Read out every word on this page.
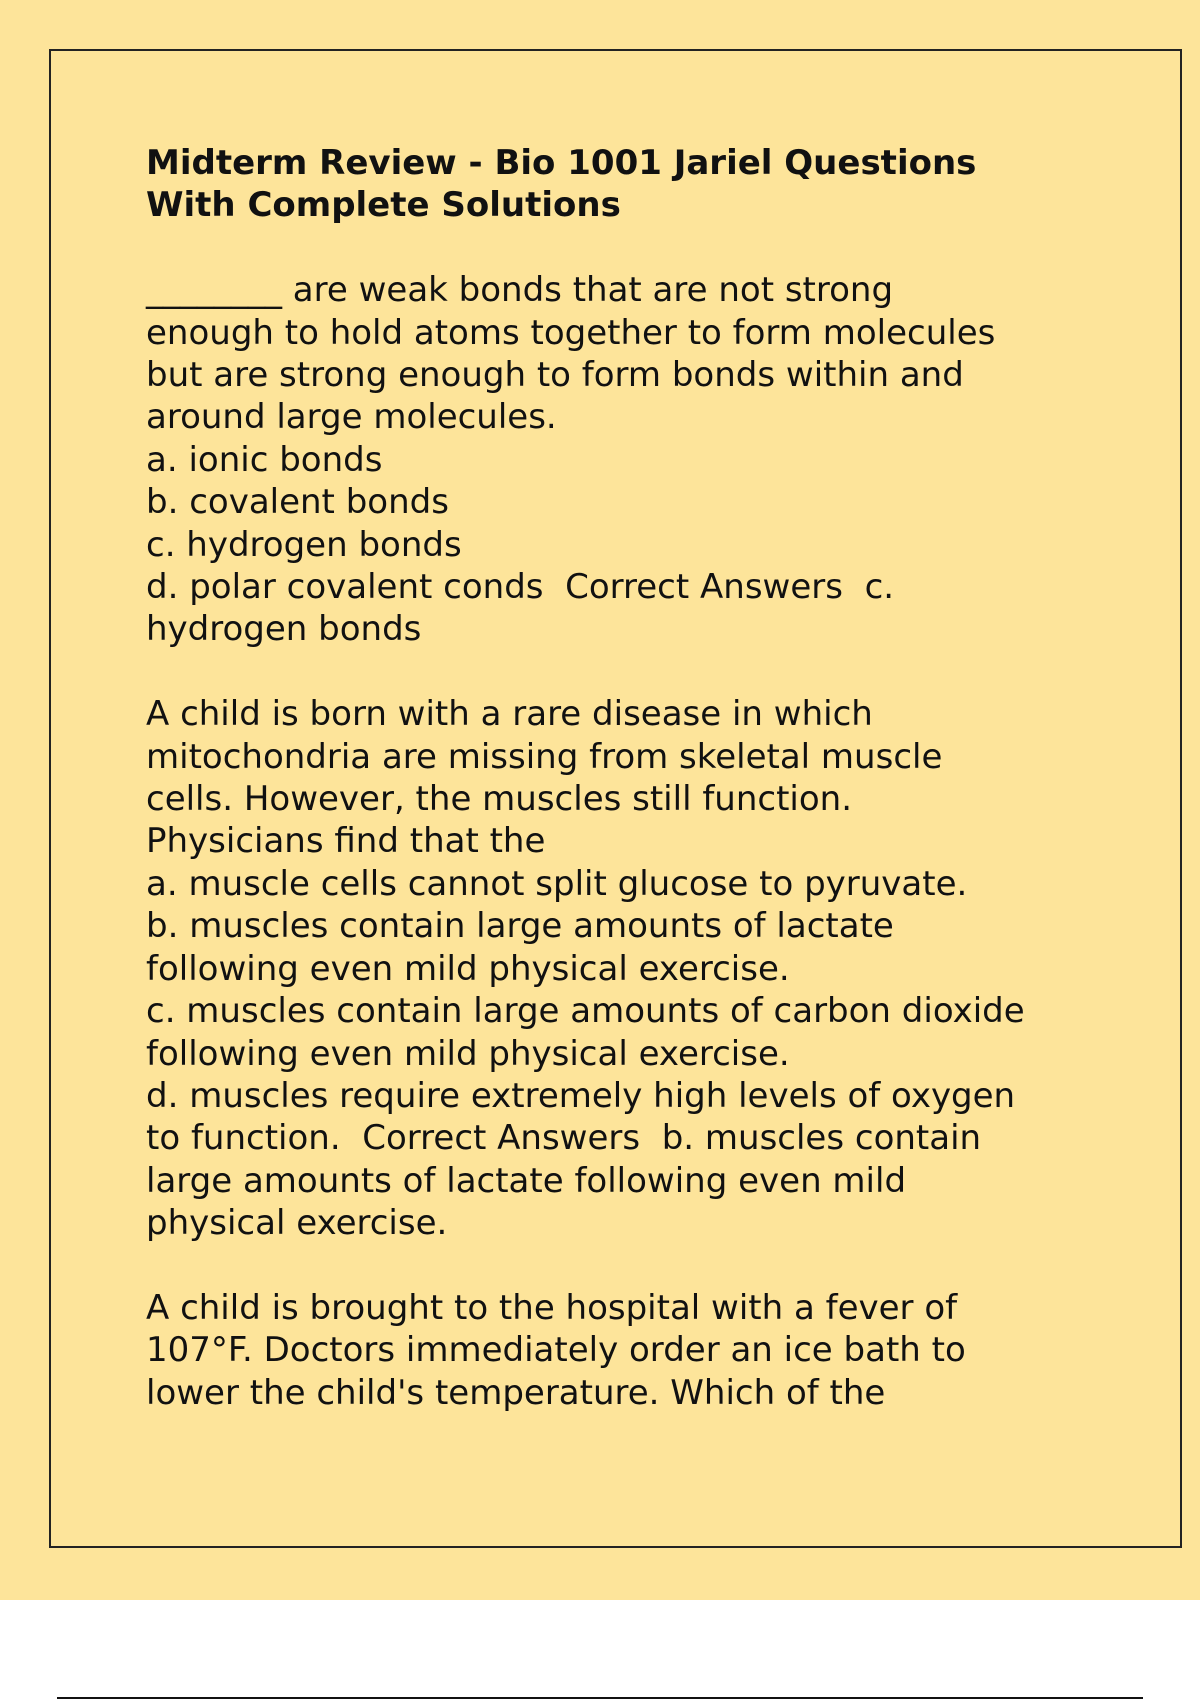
Midterm Review - Bio 1001 Jariel Questions
With Complete Solutions
________ are weak bonds that are not strong
enough to hold atoms together to form molecules
but are strong enough to form bonds within and
around large molecules.
a. ionic bonds
b. covalent bonds
c. hydrogen bonds
d. polar covalent conds  Correct Answers  c.
hydrogen bonds
A child is born with a rare disease in which
mitochondria are missing from skeletal muscle
cells. However, the muscles still function.
Physicians find that the
a. muscle cells cannot split glucose to pyruvate.
b. muscles contain large amounts of lactate
following even mild physical exercise.
c. muscles contain large amounts of carbon dioxide
following even mild physical exercise.
d. muscles require extremely high levels of oxygen
to function.  Correct Answers  b. muscles contain
large amounts of lactate following even mild
physical exercise.
A child is brought to the hospital with a fever of
107°F. Doctors immediately order an ice bath to
lower the child's temperature. Which of the
